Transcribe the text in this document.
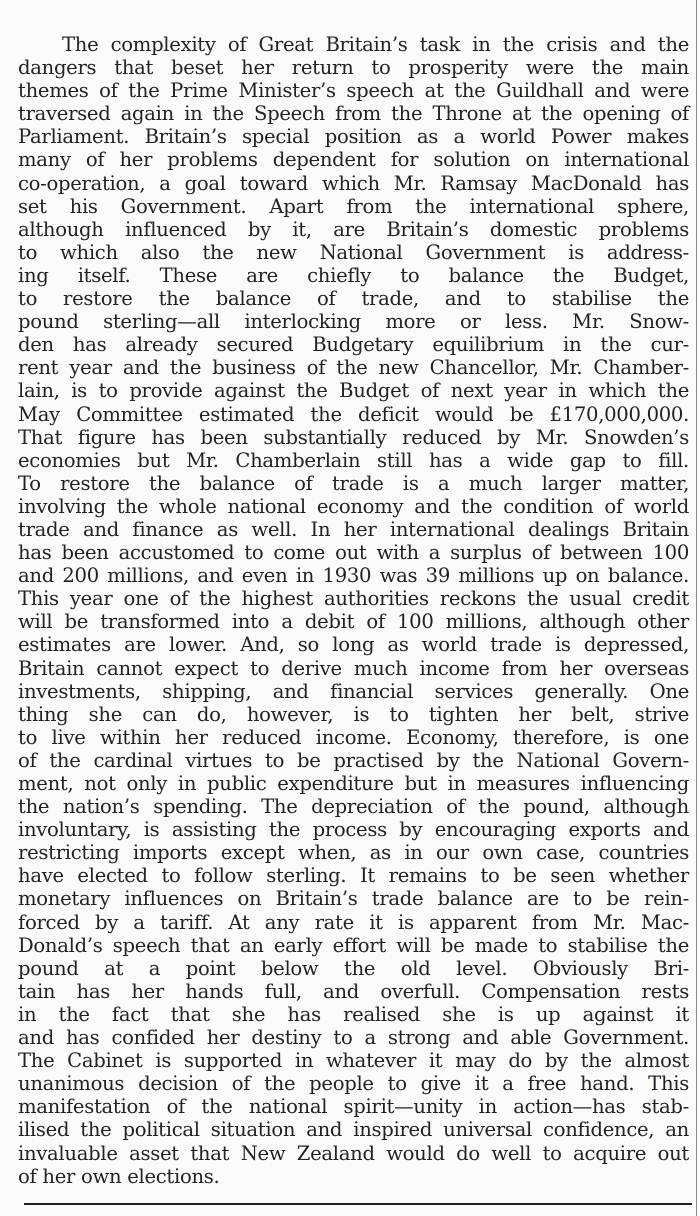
The complexity of Great Britain’s task in the crisis and the
dangers that beset her return to prosperity were the main
themes of the Prime Minister’s speech at the Guildhall and were
traversed again in the Speech from the Throne at the opening of
Parliament. Britain’s special position as a world Power makes
many of her problems dependent for solution on international
co-operation, a goal toward which Mr. Ramsay MacDonald has
set his Government. Apart from the international sphere,
although influenced by it, are Britain’s domestic problems
to which also the new National Government is address-
ing itself. These are chiefly to balance the Budget,
to restore the balance of trade, and to stabilise the
pound sterling—all interlocking more or less. Mr. Snow-
den has already secured Budgetary equilibrium in the cur-
rent year and the business of the new Chancellor, Mr. Chamber-
lain, is to provide against the Budget of next year in which the
May Committee estimated the deficit would be £170,000,000.
That figure has been substantially reduced by Mr. Snowden’s
economies but Mr. Chamberlain still has a wide gap to fill.
To restore the balance of trade is a much larger matter,
involving the whole national economy and the condition of world
trade and finance as well. In her international dealings Britain
has been accustomed to come out with a surplus of between 100
and 200 millions, and even in 1930 was 39 millions up on balance.
This year one of the highest authorities reckons the usual credit
will be transformed into a debit of 100 millions, although other
estimates are lower. And, so long as world trade is depressed,
Britain cannot expect to derive much income from her overseas
investments, shipping, and financial services generally. One
thing she can do, however, is to tighten her belt, strive
to live within her reduced income. Economy, therefore, is one
of the cardinal virtues to be practised by the National Govern-
ment, not only in public expenditure but in measures influencing
the nation’s spending. The depreciation of the pound, although
involuntary, is assisting the process by encouraging exports and
restricting imports except when, as in our own case, countries
have elected to follow sterling. It remains to be seen whether
monetary influences on Britain’s trade balance are to be rein-
forced by a tariff. At any rate it is apparent from Mr. Mac-
Donald’s speech that an early effort will be made to stabilise the
pound at a point below the old level. Obviously Bri-
tain has her hands full, and overfull. Compensation rests
in the fact that she has realised she is up against it
and has confided her destiny to a strong and able Government.
The Cabinet is supported in whatever it may do by the almost
unanimous decision of the people to give it a free hand. This
manifestation of the national spirit—unity in action—has stab-
ilised the political situation and inspired universal confidence, an
invaluable asset that New Zealand would do well to acquire out
of her own elections.
